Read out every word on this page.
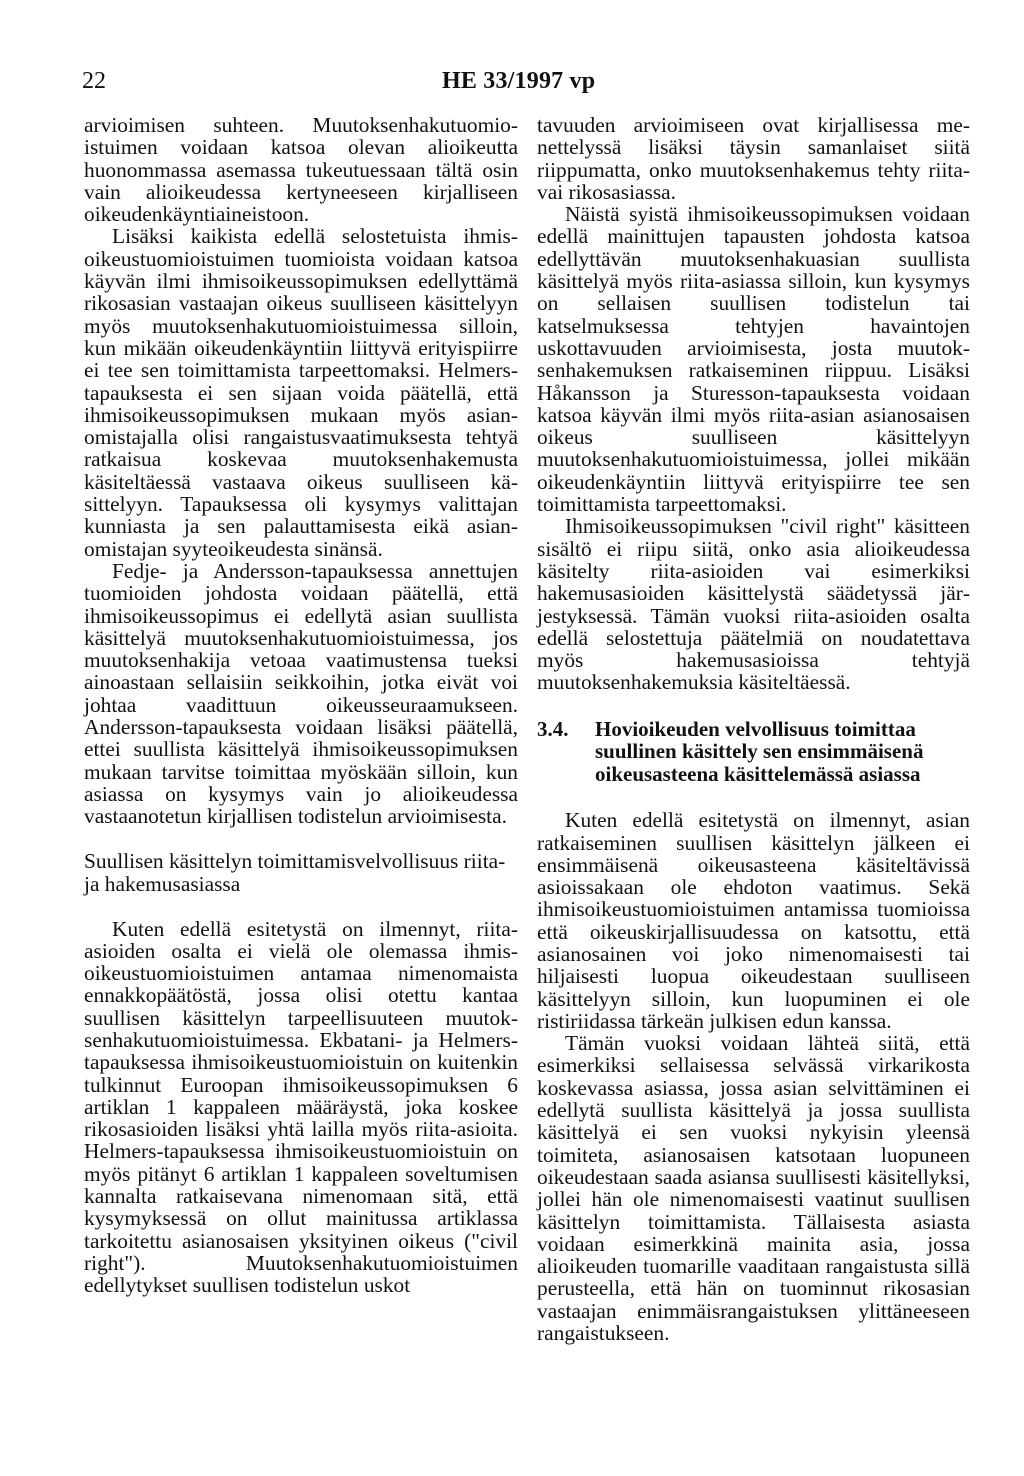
22	HE 33/1997 vp

arvioimisen suhteen. Muutoksenhakutuomioistuimen voidaan katsoa olevan alioikeutta huonommassa asemassa tukeutuessaan tältä osin vain alioikeudessa kertyneeseen kirjalliseen oikeudenkäyntiaineistoon.

Lisäksi kaikista edellä selostetuista ihmisoikeustuomioistuimen tuomioista voidaan katsoa käyvän ilmi ihmisoikeussopimuksen edellyttämä rikosasian vastaajan oikeus suulliseen käsittelyyn myös muutoksenhakutuomioistuimessa silloin, kun mikään oikeudenkäyntiin liittyvä erityispiirre ei tee sen toimittamista tarpeettomaksi. Helmers-tapauksesta ei sen sijaan voida päätellä, että ihmisoikeussopimuksen mukaan myös asianomistajalla olisi rangaistusvaatimuksesta tehtyä ratkaisua koskevaa muutoksenhakemusta käsiteltäessä vastaava oikeus suulliseen käsittelyyn. Tapauksessa oli kysymys valittajan kunniasta ja sen palauttamisesta eikä asianomistajan syyteoikeudesta sinänsä.

Fedje- ja Andersson-tapauksessa annettujen tuomioiden johdosta voidaan päätellä, että ihmisoikeussopimus ei edellytä asian suullista käsittelyä muutoksenhakutuomioistuimessa, jos muutoksenhakija vetoaa vaatimustensa tueksi ainoastaan sellaisiin seikkoihin, jotka eivät voi johtaa vaadittuun oikeusseuraamukseen. Andersson-tapauksesta voidaan lisäksi päätellä, ettei suullista käsittelyä ihmisoikeussopimuksen mukaan tarvitse toimittaa myöskään silloin, kun asiassa on kysymys vain jo alioikeudessa vastaanotetun kirjallisen todistelun arvioimisesta.

Suullisen käsittelyn toimittamisvelvollisuus riita- ja hakemusasiassa

Kuten edellä esitetystä on ilmennyt, riitaasioiden osalta ei vielä ole olemassa ihmisoikeustuomioistuimen antamaa nimenomaista ennakkopäätöstä, jossa olisi otettu kantaa suullisen käsittelyn tarpeellisuuteen muutoksenhakutuomioistuimessa. Ekbatani- ja Helmers-tapauksessa ihmisoikeustuomioistuin on kuitenkin tulkinnut Euroopan ihmisoikeussopimuksen 6 artiklan 1 kappaleen määräystä, joka koskee rikosasioiden lisäksi yhtä lailla myös riita-asioita. Helmers-tapauksessa ihmisoikeustuomioistuin on myös pitänyt 6 artiklan 1 kappaleen soveltumisen kannalta ratkaisevana nimenomaan sitä, että kysymyksessä on ollut mainitussa artiklassa tarkoitettu asianosaisen yksityinen oikeus ("civil right"). Muutoksenhakutuomioistuimen edellytykset suullisen todistelun uskot

tavuuden arvioimiseen ovat kirjallisessa menettelyssä lisäksi täysin samanlaiset siitä riippumatta, onko muutoksenhakemus tehty riita- vai rikosasiassa.

Näistä syistä ihmisoikeussopimuksen voidaan edellä mainittujen tapausten johdosta katsoa edellyttävän muutoksenhakuasian suullista käsittelyä myös riita-asiassa silloin, kun kysymys on sellaisen suullisen todistelun tai katselmuksessa tehtyjen havaintojen uskottavuuden arvioimisesta, josta muutoksenhakemuksen ratkaiseminen riippuu. Lisäksi Håkansson ja Sturesson-tapauksesta voidaan katsoa käyvän ilmi myös riita-asian asianosaisen oikeus suulliseen käsittelyyn muutoksenhakutuomioistuimessa, jollei mikään oikeudenkäyntiin liittyvä erityispiirre tee sen toimittamista tarpeettomaksi.

Ihmisoikeussopimuksen "civil right" käsitteen sisältö ei riipu siitä, onko asia alioikeudessa käsitelty riita-asioiden vai esimerkiksi hakemusasioiden käsittelystä säädetyssä järjestyksessä. Tämän vuoksi riita-asioiden osalta edellä selostettuja päätelmiä on noudatettava myös hakemusasioissa tehtyjä muutoksenhakemuksia käsiteltäessä.

3.4.	Hovioikeuden velvollisuus toimittaa suullinen käsittely sen ensimmäisenä oikeusasteena käsittelemässä asiassa

Kuten edellä esitetystä on ilmennyt, asian ratkaiseminen suullisen käsittelyn jälkeen ei ensimmäisenä oikeusasteena käsiteltävissä asioissakaan ole ehdoton vaatimus. Sekä ihmisoikeustuomioistuimen antamissa tuomioissa että oikeuskirjallisuudessa on katsottu, että asianosainen voi joko nimenomaisesti tai hiljaisesti luopua oikeudestaan suulliseen käsittelyyn silloin, kun luopuminen ei ole ristiriidassa tärkeän julkisen edun kanssa.

Tämän vuoksi voidaan lähteä siitä, että esimerkiksi sellaisessa selvässä virkarikosta koskevassa asiassa, jossa asian selvittäminen ei edellytä suullista käsittelyä ja jossa suullista käsittelyä ei sen vuoksi nykyisin yleensä toimiteta, asianosaisen katsotaan luopuneen oikeudestaan saada asiansa suullisesti käsitellyksi, jollei hän ole nimenomaisesti vaatinut suullisen käsittelyn toimittamista. Tällaisesta asiasta voidaan esimerkkinä mainita asia, jossa alioikeuden tuomarille vaaditaan rangaistusta sillä perusteella, että hän on tuominnut rikosasian vastaajan enimmäisrangaistuksen ylittäneeseen rangaistukseen.
